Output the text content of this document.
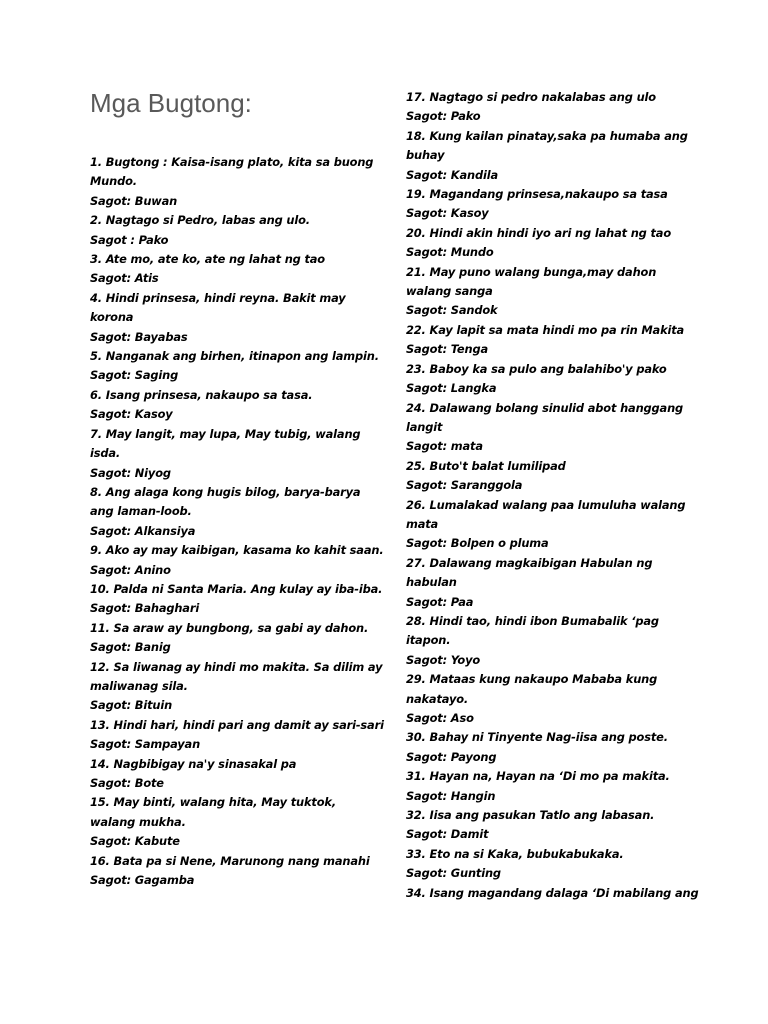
Mga Bugtong:
1. Bugtong : Kaisa-isang plato, kita sa buong
Mundo.
Sagot: Buwan
2. Nagtago si Pedro, labas ang ulo.
Sagot : Pako
3. Ate mo, ate ko, ate ng lahat ng tao
Sagot: Atis
4. Hindi prinsesa, hindi reyna. Bakit may
korona
Sagot: Bayabas
5. Nanganak ang birhen, itinapon ang lampin.
Sagot: Saging
6. Isang prinsesa, nakaupo sa tasa.
Sagot: Kasoy
7. May langit, may lupa, May tubig, walang
isda.
Sagot: Niyog
8. Ang alaga kong hugis bilog, barya-barya
ang laman-loob.
Sagot: Alkansiya
9. Ako ay may kaibigan, kasama ko kahit saan.
Sagot: Anino
10. Palda ni Santa Maria. Ang kulay ay iba-iba.
Sagot: Bahaghari
11. Sa araw ay bungbong, sa gabi ay dahon.
Sagot: Banig
12. Sa liwanag ay hindi mo makita. Sa dilim ay
maliwanag sila.
Sagot: Bituin
13. Hindi hari, hindi pari ang damit ay sari-sari
Sagot: Sampayan
14. Nagbibigay na'y sinasakal pa
Sagot: Bote
15. May binti, walang hita, May tuktok,
walang mukha.
Sagot: Kabute
16. Bata pa si Nene, Marunong nang manahi
Sagot: Gagamba
17. Nagtago si pedro nakalabas ang ulo
Sagot: Pako
18. Kung kailan pinatay,saka pa humaba ang
buhay
Sagot: Kandila
19. Magandang prinsesa,nakaupo sa tasa
Sagot: Kasoy
20. Hindi akin hindi iyo ari ng lahat ng tao
Sagot: Mundo
21. May puno walang bunga,may dahon
walang sanga
Sagot: Sandok
22. Kay lapit sa mata hindi mo pa rin Makita
Sagot: Tenga
23. Baboy ka sa pulo ang balahibo'y pako
Sagot: Langka
24. Dalawang bolang sinulid abot hanggang
langit
Sagot: mata
25. Buto't balat lumilipad
Sagot: Saranggola
26. Lumalakad walang paa lumuluha walang
mata
Sagot: Bolpen o pluma
27. Dalawang magkaibigan Habulan ng
habulan
Sagot: Paa
28. Hindi tao, hindi ibon Bumabalik ‘pag
itapon.
Sagot: Yoyo
29. Mataas kung nakaupo Mababa kung
nakatayo.
Sagot: Aso
30. Bahay ni Tinyente Nag-iisa ang poste.
Sagot: Payong
31. Hayan na, Hayan na ‘Di mo pa makita.
Sagot: Hangin
32. Iisa ang pasukan Tatlo ang labasan.
Sagot: Damit
33. Eto na si Kaka, bubukabukaka.
Sagot: Gunting
34. Isang magandang dalaga ‘Di mabilang ang
